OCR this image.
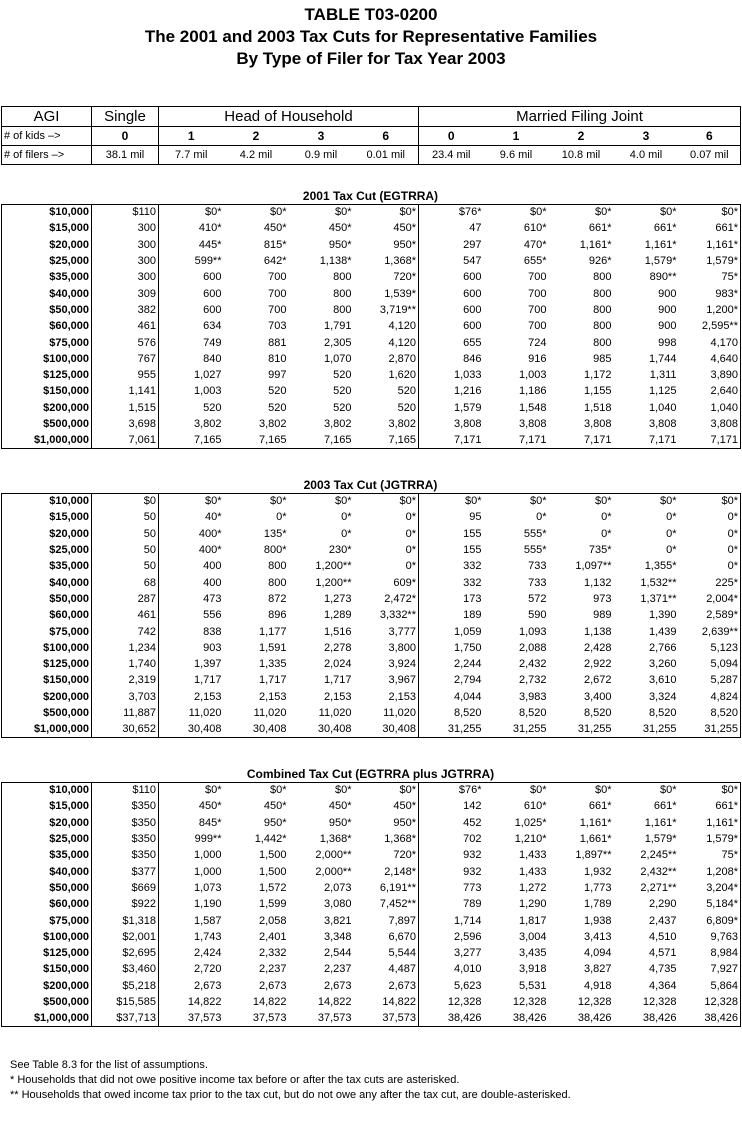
TABLE T03-0200
The 2001 and 2003 Tax Cuts for Representative Families
By Type of Filer for Tax Year 2003
AGI	Single	Head of Household				Married Filing Joint				
# of kids –>	0	1	2	3	6	0	1	2	3	6
# of filers –>	38.1 mil	7.7 mil	4.2 mil	0.9 mil	0.01 mil	23.4 mil	9.6 mil	10.8 mil	4.0 mil	0.07 mil
2001 Tax Cut (EGTRRA)
$10,000	$110	$0*	$0*	$0*	$0*	$76*	$0*	$0*	$0*	$0*
$15,000	300	410*	450*	450*	450*	47	610*	661*	661*	661*
$20,000	300	445*	815*	950*	950*	297	470*	1,161*	1,161*	1,161*
$25,000	300	599**	642*	1,138*	1,368*	547	655*	926*	1,579*	1,579*
$35,000	300	600	700	800	720*	600	700	800	890**	75*
$40,000	309	600	700	800	1,539*	600	700	800	900	983*
$50,000	382	600	700	800	3,719**	600	700	800	900	1,200*
$60,000	461	634	703	1,791	4,120	600	700	800	900	2,595**
$75,000	576	749	881	2,305	4,120	655	724	800	998	4,170
$100,000	767	840	810	1,070	2,870	846	916	985	1,744	4,640
$125,000	955	1,027	997	520	1,620	1,033	1,003	1,172	1,311	3,890
$150,000	1,141	1,003	520	520	520	1,216	1,186	1,155	1,125	2,640
$200,000	1,515	520	520	520	520	1,579	1,548	1,518	1,040	1,040
$500,000	3,698	3,802	3,802	3,802	3,802	3,808	3,808	3,808	3,808	3,808
$1,000,000	7,061	7,165	7,165	7,165	7,165	7,171	7,171	7,171	7,171	7,171
2003 Tax Cut (JGTRRA)
$10,000	$0	$0*	$0*	$0*	$0*	$0*	$0*	$0*	$0*	$0*
$15,000	50	40*	0*	0*	0*	95	0*	0*	0*	0*
$20,000	50	400*	135*	0*	0*	155	555*	0*	0*	0*
$25,000	50	400*	800*	230*	0*	155	555*	735*	0*	0*
$35,000	50	400	800	1,200**	0*	332	733	1,097**	1,355*	0*
$40,000	68	400	800	1,200**	609*	332	733	1,132	1,532**	225*
$50,000	287	473	872	1,273	2,472*	173	572	973	1,371**	2,004*
$60,000	461	556	896	1,289	3,332**	189	590	989	1,390	2,589*
$75,000	742	838	1,177	1,516	3,777	1,059	1,093	1,138	1,439	2,639**
$100,000	1,234	903	1,591	2,278	3,800	1,750	2,088	2,428	2,766	5,123
$125,000	1,740	1,397	1,335	2,024	3,924	2,244	2,432	2,922	3,260	5,094
$150,000	2,319	1,717	1,717	1,717	3,967	2,794	2,732	2,672	3,610	5,287
$200,000	3,703	2,153	2,153	2,153	2,153	4,044	3,983	3,400	3,324	4,824
$500,000	11,887	11,020	11,020	11,020	11,020	8,520	8,520	8,520	8,520	8,520
$1,000,000	30,652	30,408	30,408	30,408	30,408	31,255	31,255	31,255	31,255	31,255
Combined Tax Cut (EGTRRA plus JGTRRA)
$10,000	$110	$0*	$0*	$0*	$0*	$76*	$0*	$0*	$0*	$0*
$15,000	$350	450*	450*	450*	450*	142	610*	661*	661*	661*
$20,000	$350	845*	950*	950*	950*	452	1,025*	1,161*	1,161*	1,161*
$25,000	$350	999**	1,442*	1,368*	1,368*	702	1,210*	1,661*	1,579*	1,579*
$35,000	$350	1,000	1,500	2,000**	720*	932	1,433	1,897**	2,245**	75*
$40,000	$377	1,000	1,500	2,000**	2,148*	932	1,433	1,932	2,432**	1,208*
$50,000	$669	1,073	1,572	2,073	6,191**	773	1,272	1,773	2,271**	3,204*
$60,000	$922	1,190	1,599	3,080	7,452**	789	1,290	1,789	2,290	5,184*
$75,000	$1,318	1,587	2,058	3,821	7,897	1,714	1,817	1,938	2,437	6,809*
$100,000	$2,001	1,743	2,401	3,348	6,670	2,596	3,004	3,413	4,510	9,763
$125,000	$2,695	2,424	2,332	2,544	5,544	3,277	3,435	4,094	4,571	8,984
$150,000	$3,460	2,720	2,237	2,237	4,487	4,010	3,918	3,827	4,735	7,927
$200,000	$5,218	2,673	2,673	2,673	2,673	5,623	5,531	4,918	4,364	5,864
$500,000	$15,585	14,822	14,822	14,822	14,822	12,328	12,328	12,328	12,328	12,328
$1,000,000	$37,713	37,573	37,573	37,573	37,573	38,426	38,426	38,426	38,426	38,426
See Table 8.3 for the list of assumptions.
* Households that did not owe positive income tax before or after the tax cuts are asterisked.
** Households that owed income tax prior to the tax cut, but do not owe any after the tax cut, are double-asterisked.
